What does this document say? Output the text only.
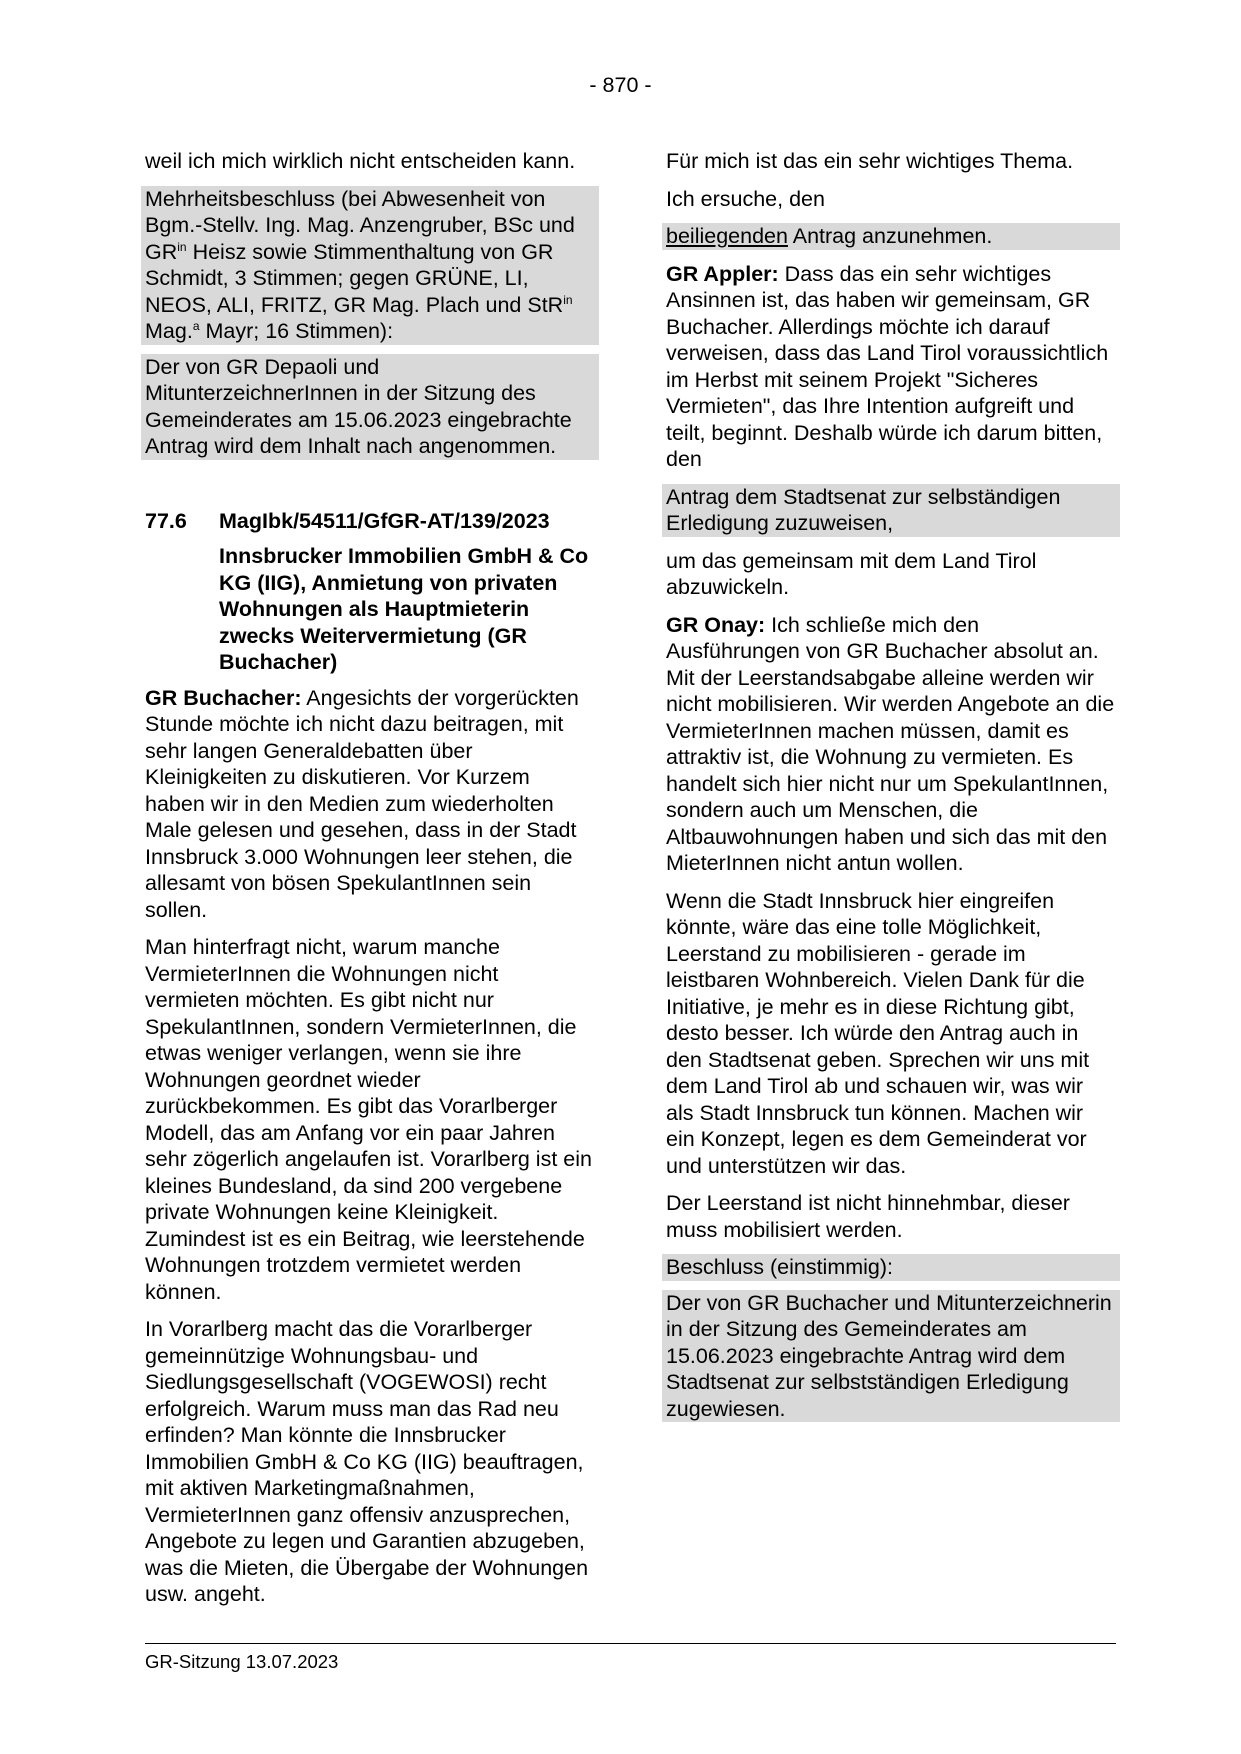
- 870 -

weil ich mich wirklich nicht entscheiden kann.

Mehrheitsbeschluss (bei Abwesenheit von Bgm.-Stellv. Ing. Mag. Anzengruber, BSc und $GR^{in}$ Heisz sowie Stimmenthaltung von GR Schmidt, 3 Stimmen; gegen GRÜNE, LI, NEOS, ALI, FRITZ, GR Mag. Plach und StR$^{in}$ Mag.$^a$ Mayr; 16 Stimmen):

Der von GR Depaoli und MitunterzeichnerInnen in der Sitzung des Gemeinderates am 15.06.2023 eingebrachte Antrag wird dem Inhalt nach angenommen.

77.6	MagIbk/54511/GfGR-AT/139/2023
Innsbrucker Immobilien GmbH & Co KG (IIG), Anmietung von privaten Wohnungen als Hauptmieterin zwecks Weitervermietung (GR Buchacher)

GR Buchacher: Angesichts der vorgerückten Stunde möchte ich nicht dazu beitragen, mit sehr langen Generaldebatten über Kleinigkeiten zu diskutieren. Vor Kurzem haben wir in den Medien zum wiederholten Male gelesen und gesehen, dass in der Stadt Innsbruck 3.000 Wohnungen leer stehen, die allesamt von bösen SpekulantInnen sein sollen.

Man hinterfragt nicht, warum manche VermieterInnen die Wohnungen nicht vermieten möchten. Es gibt nicht nur SpekulantInnen, sondern VermieterInnen, die etwas weniger verlangen, wenn sie ihre Wohnungen geordnet wieder zurückbekommen. Es gibt das Vorarlberger Modell, das am Anfang vor ein paar Jahren sehr zögerlich angelaufen ist. Vorarlberg ist ein kleines Bundesland, da sind 200 vergebene private Wohnungen keine Kleinigkeit. Zumindest ist es ein Beitrag, wie leerstehende Wohnungen trotzdem vermietet werden können.

In Vorarlberg macht das die Vorarlberger gemeinnützige Wohnungsbau- und Siedlungsgesellschaft (VOGEWOSI) recht erfolgreich. Warum muss man das Rad neu erfinden? Man könnte die Innsbrucker Immobilien GmbH & Co KG (IIG) beauftragen, mit aktiven Marketingmaßnahmen, VermieterInnen ganz offensiv anzusprechen, Angebote zu legen und Garantien abzugeben, was die Mieten, die Übergabe der Wohnungen usw. angeht.

Für mich ist das ein sehr wichtiges Thema.

Ich ersuche, den

beiliegenden Antrag anzunehmen.

GR Appler: Dass das ein sehr wichtiges Ansinnen ist, das haben wir gemeinsam, GR Buchacher. Allerdings möchte ich darauf verweisen, dass das Land Tirol voraussichtlich im Herbst mit seinem Projekt "Sicheres Vermieten", das Ihre Intention aufgreift und teilt, beginnt. Deshalb würde ich darum bitten, den

Antrag dem Stadtsenat zur selbständigen Erledigung zuzuweisen,

um das gemeinsam mit dem Land Tirol abzuwickeln.

GR Onay: Ich schließe mich den Ausführungen von GR Buchacher absolut an. Mit der Leerstandsabgabe alleine werden wir nicht mobilisieren. Wir werden Angebote an die VermieterInnen machen müssen, damit es attraktiv ist, die Wohnung zu vermieten. Es handelt sich hier nicht nur um SpekulantInnen, sondern auch um Menschen, die Altbauwohnungen haben und sich das mit den MieterInnen nicht antun wollen.

Wenn die Stadt Innsbruck hier eingreifen könnte, wäre das eine tolle Möglichkeit, Leerstand zu mobilisieren - gerade im leistbaren Wohnbereich. Vielen Dank für die Initiative, je mehr es in diese Richtung gibt, desto besser. Ich würde den Antrag auch in den Stadtsenat geben. Sprechen wir uns mit dem Land Tirol ab und schauen wir, was wir als Stadt Innsbruck tun können. Machen wir ein Konzept, legen es dem Gemeinderat vor und unterstützen wir das.

Der Leerstand ist nicht hinnehmbar, dieser muss mobilisiert werden.

Beschluss (einstimmig):

Der von GR Buchacher und Mitunterzeichnerin in der Sitzung des Gemeinderates am 15.06.2023 eingebrachte Antrag wird dem Stadtsenat zur selbstständigen Erledigung zugewiesen.

GR-Sitzung 13.07.2023
